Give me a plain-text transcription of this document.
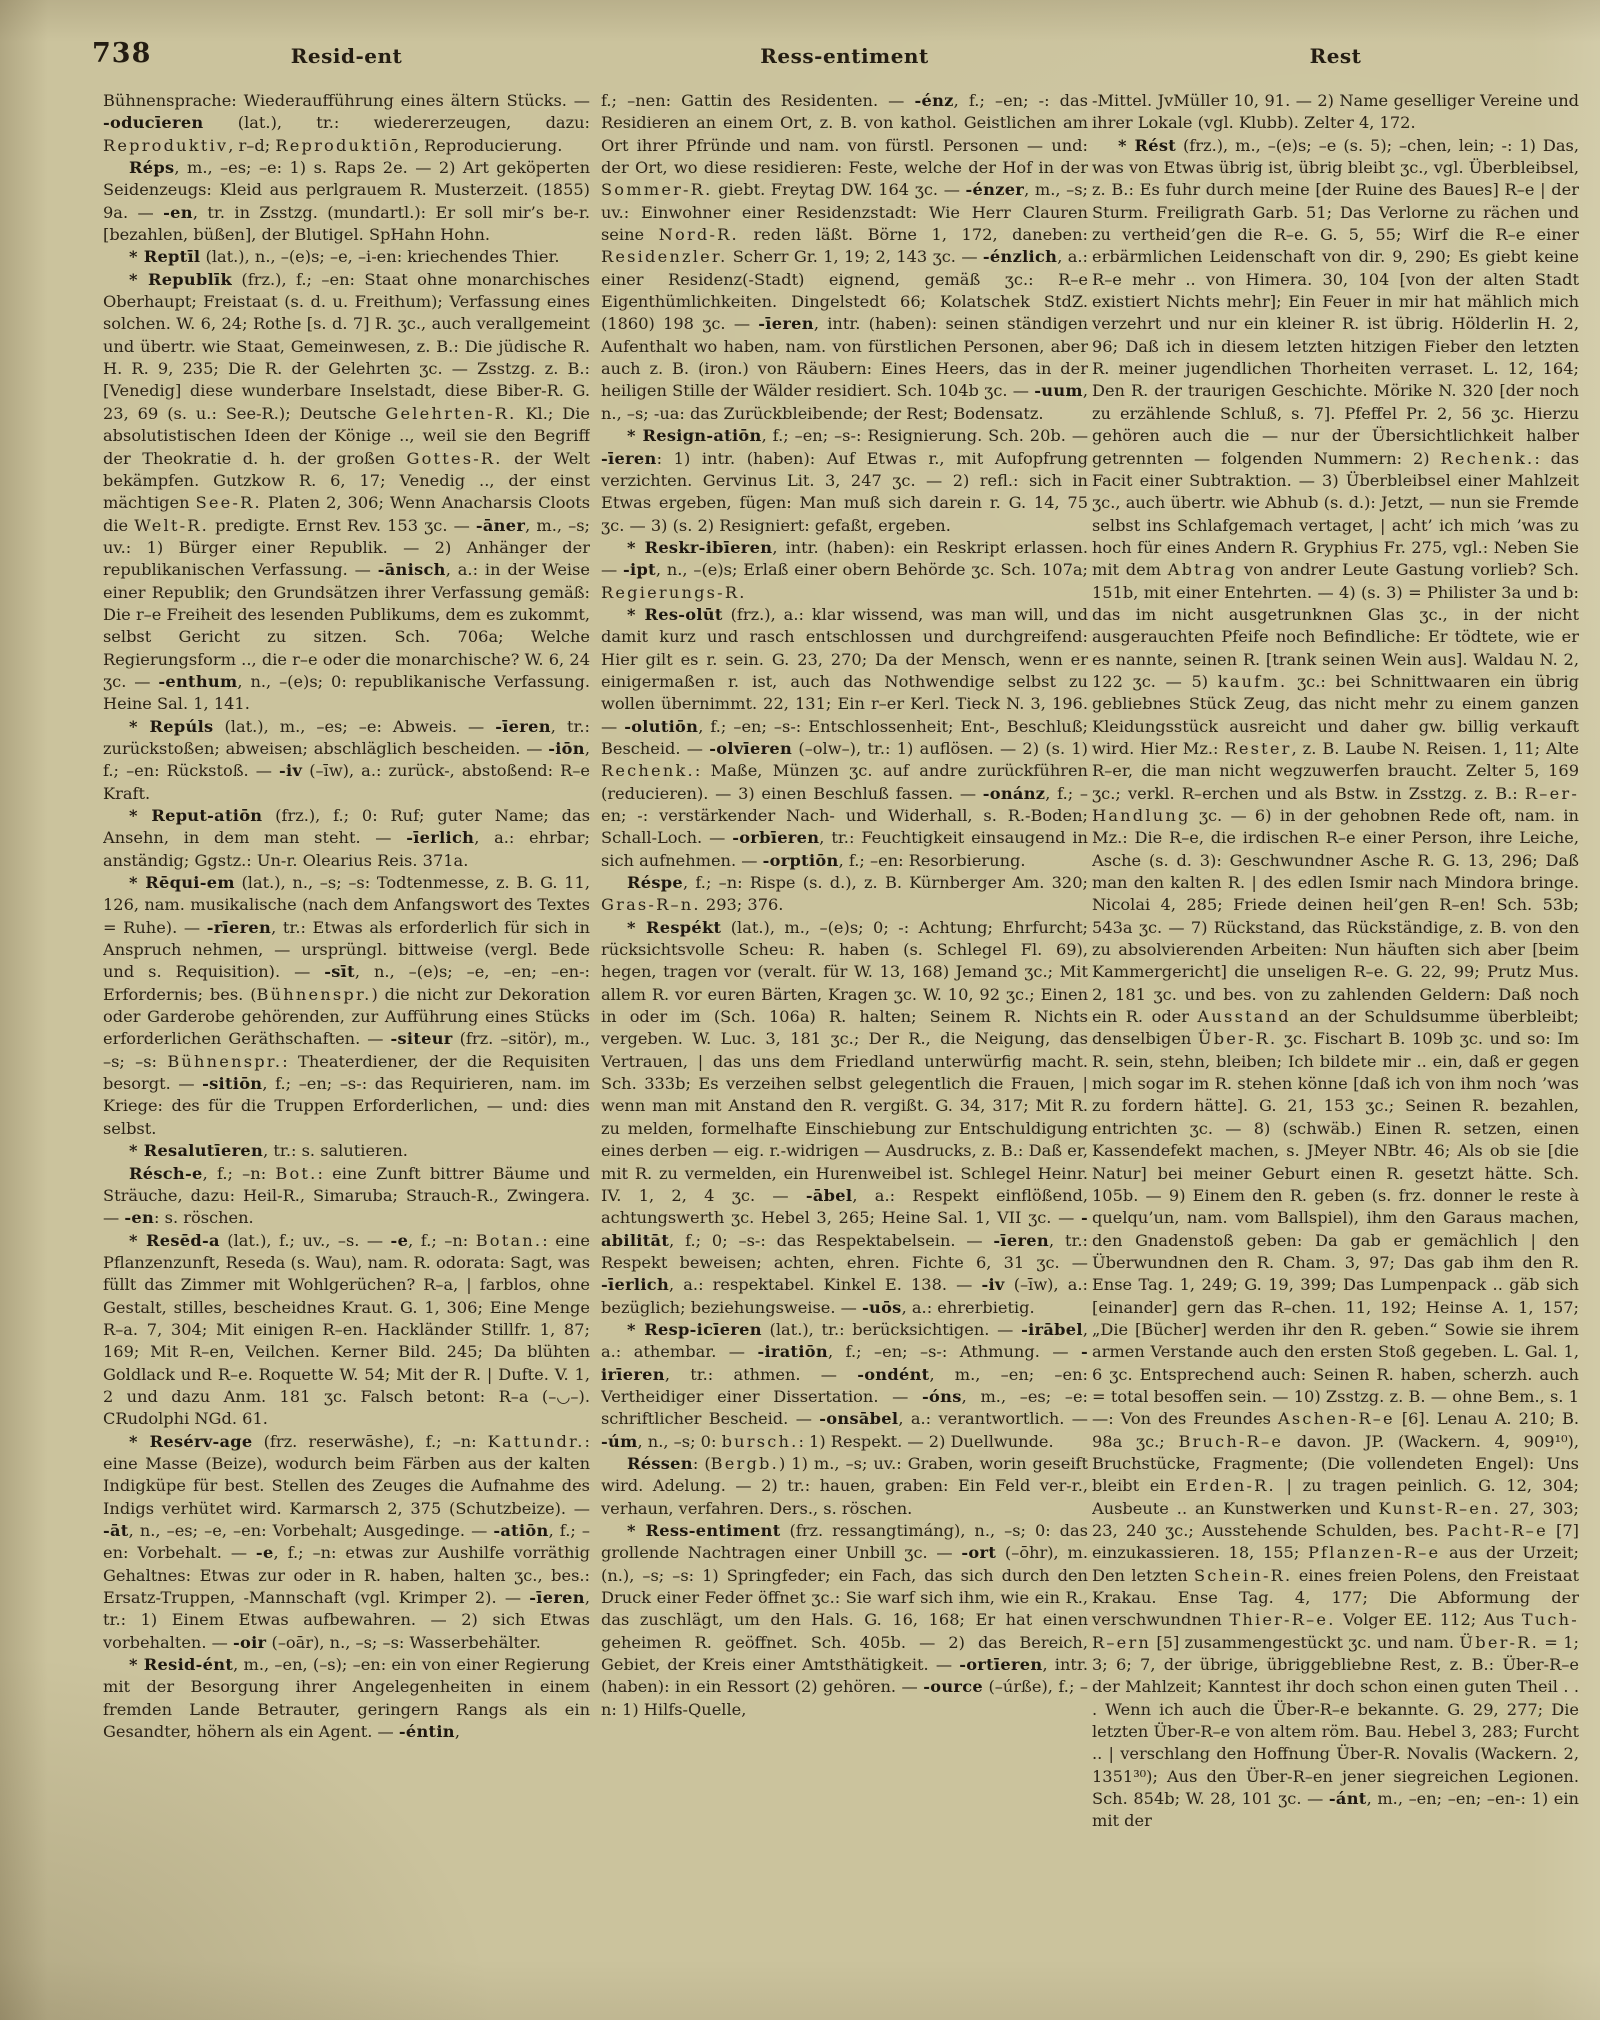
738	Resid-ent	Ress-entiment	Rest

Bühnensprache: Wiederaufführung eines ältern Stücks. — -oducīeren (lat.), tr.: wiedererzeugen, dazu: Reproduktiv, r–d; Reproduktiōn, Reproducierung.

Réps, m., –es; –e: 1) s. Raps 2e. — 2) Art geköperten Seidenzeugs: Kleid aus perlgrauem R. Musterzeit. (1855) 9a. — -en, tr. in Zsstzg. (mundartl.): Er soll mir’s be-r. [bezahlen, büßen], der Blutigel. SpHahn Hohn.

* Reptīl (lat.), n., –(e)s; –e, –i-en: kriechendes Thier.

* Republīk (frz.), f.; –en: Staat ohne monarchisches Oberhaupt; Freistaat (s. d. u. Freithum); Verfassung eines solchen. W. 6, 24; Rothe [s. d. 7] R. ʒc., auch verallgemeint und übertr. wie Staat, Gemeinwesen, z. B.: Die jüdische R. H. R. 9, 235; Die R. der Gelehrten ʒc. — Zsstzg. z. B.: [Venedig] diese wunderbare Inselstadt, diese Biber-R. G. 23, 69 (s. u.: See-R.); Deutsche Gelehrten-R. Kl.; Die absolutistischen Ideen der Könige .., weil sie den Begriff der Theokratie d. h. der großen Gottes-R. der Welt bekämpfen. Gutzkow R. 6, 17; Venedig .., der einst mächtigen See-R. Platen 2, 306; Wenn Anacharsis Cloots die Welt-R. predigte. Ernst Rev. 153 ʒc. — -āner, m., –s; uv.: 1) Bürger einer Republik. — 2) Anhänger der republikanischen Verfassung. — -ānisch, a.: in der Weise einer Republik; den Grundsätzen ihrer Verfassung gemäß: Die r–e Freiheit des lesenden Publikums, dem es zukommt, selbst Gericht zu sitzen. Sch. 706a; Welche Regierungsform .., die r–e oder die monarchische? W. 6, 24 ʒc. — -enthum, n., –(e)s; 0: republikanische Verfassung. Heine Sal. 1, 141.

* Repúls (lat.), m., –es; –e: Abweis. — -īeren, tr.: zurückstoßen; abweisen; abschläglich bescheiden. — -iōn, f.; –en: Rückstoß. — -iv (–īw), a.: zurück-, abstoßend: R–e Kraft.

* Reput-atiōn (frz.), f.; 0: Ruf; guter Name; das Ansehn, in dem man steht. — -īerlich, a.: ehrbar; anständig; Ggstz.: Un-r. Olearius Reis. 371a.

* Rēqui-em (lat.), n., –s; –s: Todtenmesse, z. B. G. 11, 126, nam. musikalische (nach dem Anfangswort des Textes = Ruhe). — -rīeren, tr.: Etwas als erforderlich für sich in Anspruch nehmen, — ursprüngl. bittweise (vergl. Bede und s. Requisition). — -sīt, n., –(e)s; –e, –en; –en-: Erfordernis; bes. (Bühnenspr.) die nicht zur Dekoration oder Garderobe gehörenden, zur Aufführung eines Stücks erforderlichen Geräthschaften. — -siteur (frz. –sitör), m., –s; –s: Bühnenspr.: Theaterdiener, der die Requisiten besorgt. — -sitiōn, f.; –en; –s-: das Requirieren, nam. im Kriege: des für die Truppen Erforderlichen, — und: dies selbst.

* Resalutīeren, tr.: s. salutieren.

Résch-e, f.; –n: Bot.: eine Zunft bittrer Bäume und Sträuche, dazu: Heil-R., Simaruba; Strauch-R., Zwingera. — -en: s. röschen.

* Resēd-a (lat.), f.; uv., –s. — -e, f.; –n: Botan.: eine Pflanzenzunft, Reseda (s. Wau), nam. R. odorata: Sagt, was füllt das Zimmer mit Wohlgerüchen? R–a, | farblos, ohne Gestalt, stilles, bescheidnes Kraut. G. 1, 306; Eine Menge R–a. 7, 304; Mit einigen R–en. Hackländer Stillfr. 1, 87; 169; Mit R–en, Veilchen. Kerner Bild. 245; Da blühten Goldlack und R–e. Roquette W. 54; Mit der R. | Dufte. V. 1, 2 und dazu Anm. 181 ʒc. Falsch betont: R–a (–◡–). CRudolphi NGd. 61.

* Resérv-age (frz. reserwāshe), f.; –n: Kattundr.: eine Masse (Beize), wodurch beim Färben aus der kalten Indigküpe für best. Stellen des Zeuges die Aufnahme des Indigs verhütet wird. Karmarsch 2, 375 (Schutzbeize). — -āt, n., –es; –e, –en: Vorbehalt; Ausgedinge. — -atiōn, f.; –en: Vorbehalt. — -e, f.; –n: etwas zur Aushilfe vorräthig Gehaltnes: Etwas zur oder in R. haben, halten ʒc., bes.: Ersatz-Truppen, -Mannschaft (vgl. Krimper 2). — -īeren, tr.: 1) Einem Etwas aufbewahren. — 2) sich Etwas vorbehalten. — -oir (–oār), n., –s; –s: Wasserbehälter.

* Resid-ént, m., –en, (–s); –en: ein von einer Regierung mit der Besorgung ihrer Angelegenheiten in einem fremden Lande Betrauter, geringern Rangs als ein Gesandter, höhern als ein Agent. — -éntin,

f.; –nen: Gattin des Residenten. — -énz, f.; –en; -: das Residieren an einem Ort, z. B. von kathol. Geistlichen am Ort ihrer Pfründe und nam. von fürstl. Personen — und: der Ort, wo diese residieren: Feste, welche der Hof in der Sommer-R. giebt. Freytag DW. 164 ʒc. — -énzer, m., –s; uv.: Einwohner einer Residenzstadt: Wie Herr Clauren seine Nord-R. reden läßt. Börne 1, 172, daneben: Residenzler. Scherr Gr. 1, 19; 2, 143 ʒc. — -énzlich, a.: einer Residenz(-Stadt) eignend, gemäß ʒc.: R–e Eigenthümlichkeiten. Dingelstedt 66; Kolatschek StdZ. (1860) 198 ʒc. — -īeren, intr. (haben): seinen ständigen Aufenthalt wo haben, nam. von fürstlichen Personen, aber auch z. B. (iron.) von Räubern: Eines Heers, das in der heiligen Stille der Wälder residiert. Sch. 104b ʒc. — -uum, n., –s; -ua: das Zurückbleibende; der Rest; Bodensatz.

* Resign-atiōn, f.; –en; –s-: Resignierung. Sch. 20b. — -īeren: 1) intr. (haben): Auf Etwas r., mit Aufopfrung verzichten. Gervinus Lit. 3, 247 ʒc. — 2) refl.: sich in Etwas ergeben, fügen: Man muß sich darein r. G. 14, 75 ʒc. — 3) (s. 2) Resigniert: gefaßt, ergeben.

* Reskr-ibīeren, intr. (haben): ein Reskript erlassen. — -ipt, n., –(e)s; Erlaß einer obern Behörde ʒc. Sch. 107a; Regierungs-R.

* Res-olūt (frz.), a.: klar wissend, was man will, und damit kurz und rasch entschlossen und durchgreifend: Hier gilt es r. sein. G. 23, 270; Da der Mensch, wenn er einigermaßen r. ist, auch das Nothwendige selbst zu wollen übernimmt. 22, 131; Ein r–er Kerl. Tieck N. 3, 196. — -olutiōn, f.; –en; –s-: Entschlossenheit; Ent-, Beschluß; Bescheid. — -olvīeren (–olw–), tr.: 1) auflösen. — 2) (s. 1) Rechenk.: Maße, Münzen ʒc. auf andre zurückführen (reducieren). — 3) einen Beschluß fassen. — -onánz, f.; –en; -: verstärkender Nach- und Widerhall, s. R.-Boden; Schall-Loch. — -orbīeren, tr.: Feuchtigkeit einsaugend in sich aufnehmen. — -orptiōn, f.; –en: Resorbierung.

Réspe, f.; –n: Rispe (s. d.), z. B. Kürnberger Am. 320; Gras-R–n. 293; 376.

* Respékt (lat.), m., –(e)s; 0; -: Achtung; Ehrfurcht; rücksichtsvolle Scheu: R. haben (s. Schlegel Fl. 69), hegen, tragen vor (veralt. für W. 13, 168) Jemand ʒc.; Mit allem R. vor euren Bärten, Kragen ʒc. W. 10, 92 ʒc.; Einen in oder im (Sch. 106a) R. halten; Seinem R. Nichts vergeben. W. Luc. 3, 181 ʒc.; Der R., die Neigung, das Vertrauen, | das uns dem Friedland unterwürfig macht. Sch. 333b; Es verzeihen selbst gelegentlich die Frauen, | wenn man mit Anstand den R. vergißt. G. 34, 317; Mit R. zu melden, formelhafte Einschiebung zur Entschuldigung eines derben — eig. r.-widrigen — Ausdrucks, z. B.: Daß er, mit R. zu vermelden, ein Hurenweibel ist. Schlegel Heinr. IV. 1, 2, 4 ʒc. — -ābel, a.: Respekt einflößend, achtungswerth ʒc. Hebel 3, 265; Heine Sal. 1, VII ʒc. — -abilitāt, f.; 0; –s-: das Respektabelsein. — -īeren, tr.: Respekt beweisen; achten, ehren. Fichte 6, 31 ʒc. — -īerlich, a.: respektabel. Kinkel E. 138. — -iv (–īw), a.: bezüglich; beziehungsweise. — -uōs, a.: ehrerbietig.

* Resp-icīeren (lat.), tr.: berücksichtigen. — -irābel, a.: athembar. — -iratiōn, f.; –en; –s-: Athmung. — -irīeren, tr.: athmen. — -ondént, m., –en; –en: Vertheidiger einer Dissertation. — -óns, m., –es; –e: schriftlicher Bescheid. — -onsābel, a.: verantwortlich. — -úm, n., –s; 0: bursch.: 1) Respekt. — 2) Duellwunde.

Réssen: (Bergb.) 1) m., –s; uv.: Graben, worin geseift wird. Adelung. — 2) tr.: hauen, graben: Ein Feld ver-r., verhaun, verfahren. Ders., s. röschen.

* Ress-entiment (frz. ressangtimáng), n., –s; 0: das grollende Nachtragen einer Unbill ʒc. — -ort (–ōhr), m. (n.), –s; –s: 1) Springfeder; ein Fach, das sich durch den Druck einer Feder öffnet ʒc.: Sie warf sich ihm, wie ein R., das zuschlägt, um den Hals. G. 16, 168; Er hat einen geheimen R. geöffnet. Sch. 405b. — 2) das Bereich, Gebiet, der Kreis einer Amtsthätigkeit. — -ortīeren, intr. (haben): in ein Ressort (2) gehören. — -ource (–úrße), f.; –n: 1) Hilfs-Quelle,

-Mittel. JvMüller 10, 91. — 2) Name geselliger Vereine und ihrer Lokale (vgl. Klubb). Zelter 4, 172.

* Rést (frz.), m., –(e)s; –e (s. 5); –chen, lein; -: 1) Das, was von Etwas übrig ist, übrig bleibt ʒc., vgl. Überbleibsel, z. B.: Es fuhr durch meine [der Ruine des Baues] R–e | der Sturm. Freiligrath Garb. 51; Das Verlorne zu rächen und zu vertheid’gen die R–e. G. 5, 55; Wirf die R–e einer erbärmlichen Leidenschaft von dir. 9, 290; Es giebt keine R–e mehr .. von Himera. 30, 104 [von der alten Stadt existiert Nichts mehr]; Ein Feuer in mir hat mählich mich verzehrt und nur ein kleiner R. ist übrig. Hölderlin H. 2, 96; Daß ich in diesem letzten hitzigen Fieber den letzten R. meiner jugendlichen Thorheiten verraset. L. 12, 164; Den R. der traurigen Geschichte. Mörike N. 320 [der noch zu erzählende Schluß, s. 7]. Pfeffel Pr. 2, 56 ʒc. Hierzu gehören auch die — nur der Übersichtlichkeit halber getrennten — folgenden Nummern: 2) Rechenk.: das Facit einer Subtraktion. — 3) Überbleibsel einer Mahlzeit ʒc., auch übertr. wie Abhub (s. d.): Jetzt, — nun sie Fremde selbst ins Schlafgemach vertaget, | acht’ ich mich ’was zu hoch für eines Andern R. Gryphius Fr. 275, vgl.: Neben Sie mit dem Abtrag von andrer Leute Gastung vorlieb? Sch. 151b, mit einer Entehrten. — 4) (s. 3) = Philister 3a und b: das im nicht ausgetrunknen Glas ʒc., in der nicht ausgerauchten Pfeife noch Befindliche: Er tödtete, wie er es nannte, seinen R. [trank seinen Wein aus]. Waldau N. 2, 122 ʒc. — 5) kaufm. ʒc.: bei Schnittwaaren ein übrig gebliebnes Stück Zeug, das nicht mehr zu einem ganzen Kleidungsstück ausreicht und daher gw. billig verkauft wird. Hier Mz.: Rester, z. B. Laube N. Reisen. 1, 11; Alte R–er, die man nicht wegzuwerfen braucht. Zelter 5, 169 ʒc.; verkl. R–erchen und als Bstw. in Zsstzg. z. B.: R–er-Handlung ʒc. — 6) in der gehobnen Rede oft, nam. in Mz.: Die R–e, die irdischen R–e einer Person, ihre Leiche, Asche (s. d. 3): Geschwundner Asche R. G. 13, 296; Daß man den kalten R. | des edlen Ismir nach Mindora bringe. Nicolai 4, 285; Friede deinen heil’gen R–en! Sch. 53b; 543a ʒc. — 7) Rückstand, das Rückständige, z. B. von den zu absolvierenden Arbeiten: Nun häuften sich aber [beim Kammergericht] die unseligen R–e. G. 22, 99; Prutz Mus. 2, 181 ʒc. und bes. von zu zahlenden Geldern: Daß noch ein R. oder Ausstand an der Schuldsumme überbleibt; denselbigen Über-R. ʒc. Fischart B. 109b ʒc. und so: Im R. sein, stehn, bleiben; Ich bildete mir .. ein, daß er gegen mich sogar im R. stehen könne [daß ich von ihm noch ’was zu fordern hätte]. G. 21, 153 ʒc.; Seinen R. bezahlen, entrichten ʒc. — 8) (schwäb.) Einen R. setzen, einen Kassendefekt machen, s. JMeyer NBtr. 46; Als ob sie [die Natur] bei meiner Geburt einen R. gesetzt hätte. Sch. 105b. — 9) Einem den R. geben (s. frz. donner le reste à quelqu’un, nam. vom Ballspiel), ihm den Garaus machen, den Gnadenstoß geben: Da gab er gemächlich | den Überwundnen den R. Cham. 3, 97; Das gab ihm den R. Ense Tag. 1, 249; G. 19, 399; Das Lumpenpack .. gäb sich [einander] gern das R–chen. 11, 192; Heinse A. 1, 157; „Die [Bücher] werden ihr den R. geben.“ Sowie sie ihrem armen Verstande auch den ersten Stoß gegeben. L. Gal. 1, 6 ʒc. Entsprechend auch: Seinen R. haben, scherzh. auch = total besoffen sein. — 10) Zsstzg. z. B. — ohne Bem., s. 1 —: Von des Freundes Aschen-R–e [6]. Lenau A. 210; B. 98a ʒc.; Bruch-R–e davon. JP. (Wackern. 4, 909¹⁰), Bruchstücke, Fragmente; (Die vollendeten Engel): Uns bleibt ein Erden-R. | zu tragen peinlich. G. 12, 304; Ausbeute .. an Kunstwerken und Kunst-R–en. 27, 303; 23, 240 ʒc.; Ausstehende Schulden, bes. Pacht-R–e [7] einzukassieren. 18, 155; Pflanzen-R–e aus der Urzeit; Den letzten Schein-R. eines freien Polens, den Freistaat Krakau. Ense Tag. 4, 177; Die Abformung der verschwundnen Thier-R–e. Volger EE. 112; Aus Tuch-R–ern [5] zusammengestückt ʒc. und nam. Über-R. = 1; 3; 6; 7, der übrige, übriggebliebne Rest, z. B.: Über-R–e der Mahlzeit; Kanntest ihr doch schon einen guten Theil . . . Wenn ich auch die Über-R–e bekannte. G. 29, 277; Die letzten Über-R–e von altem röm. Bau. Hebel 3, 283; Furcht .. | verschlang den Hoffnung Über-R. Novalis (Wackern. 2, 1351³⁰); Aus den Über-R–en jener siegreichen Legionen. Sch. 854b; W. 28, 101 ʒc. — -ánt, m., –en; –en; –en-: 1) ein mit der
